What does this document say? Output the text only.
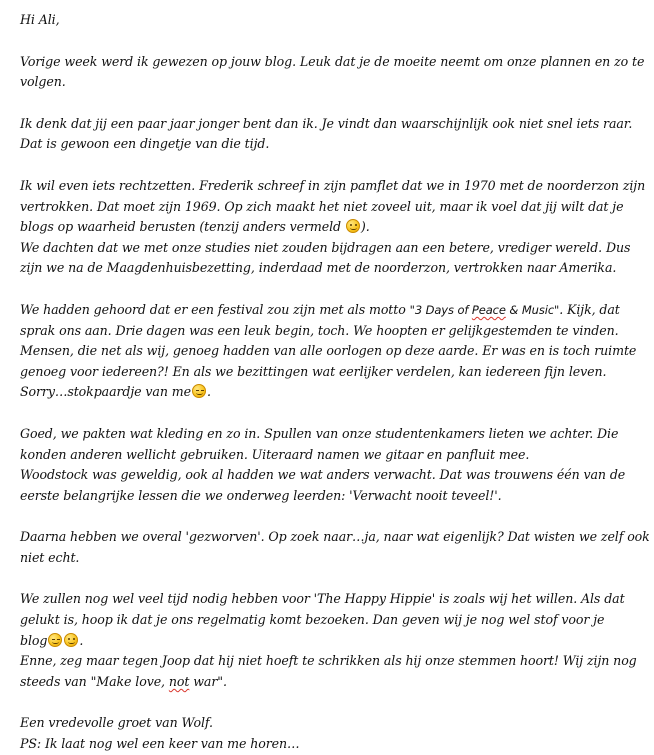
Hi Ali,

Vorige week werd ik gewezen op jouw blog. Leuk dat je de moeite neemt om onze plannen en zo te
volgen.

Ik denk dat jij een paar jaar jonger bent dan ik. Je vindt dan waarschijnlijk ook niet snel iets raar.
Dat is gewoon een dingetje van die tijd.

Ik wil even iets rechtzetten. Frederik schreef in zijn pamflet dat we in 1970 met de noorderzon zijn
vertrokken. Dat moet zijn 1969. Op zich maakt het niet zoveel uit, maar ik voel dat jij wilt dat je
blogs op waarheid berusten (tenzij anders vermeld ).
We dachten dat we met onze studies niet zouden bijdragen aan een betere, vrediger wereld. Dus
zijn we na de Maagdenhuisbezetting, inderdaad met de noorderzon, vertrokken naar Amerika.

We hadden gehoord dat er een festival zou zijn met als motto "3 Days of Peace & Music". Kijk, dat
sprak ons aan. Drie dagen was een leuk begin, toch. We hoopten er gelijkgestemden te vinden.
Mensen, die net als wij, genoeg hadden van alle oorlogen op deze aarde. Er was en is toch ruimte
genoeg voor iedereen?! En als we bezittingen wat eerlijker verdelen, kan iedereen fijn leven.
Sorry…stokpaardje van me .

Goed, we pakten wat kleding en zo in. Spullen van onze studentenkamers lieten we achter. Die
konden anderen wellicht gebruiken. Uiteraard namen we gitaar en panfluit mee.
Woodstock was geweldig, ook al hadden we wat anders verwacht. Dat was trouwens één van de
eerste belangrijke lessen die we onderweg leerden: 'Verwacht nooit teveel!'.

Daarna hebben we overal 'gezworven'. Op zoek naar…ja, naar wat eigenlijk? Dat wisten we zelf ook
niet echt.

We zullen nog wel veel tijd nodig hebben voor 'The Happy Hippie' is zoals wij het willen. Als dat
gelukt is, hoop ik dat je ons regelmatig komt bezoeken. Dan geven wij je nog wel stof voor je
blog	.
Enne, zeg maar tegen Joop dat hij niet hoeft te schrikken als hij onze stemmen hoort! Wij zijn nog
steeds van "Make love, not war".

Een vredevolle groet van Wolf.
PS: Ik laat nog wel een keer van me horen…
